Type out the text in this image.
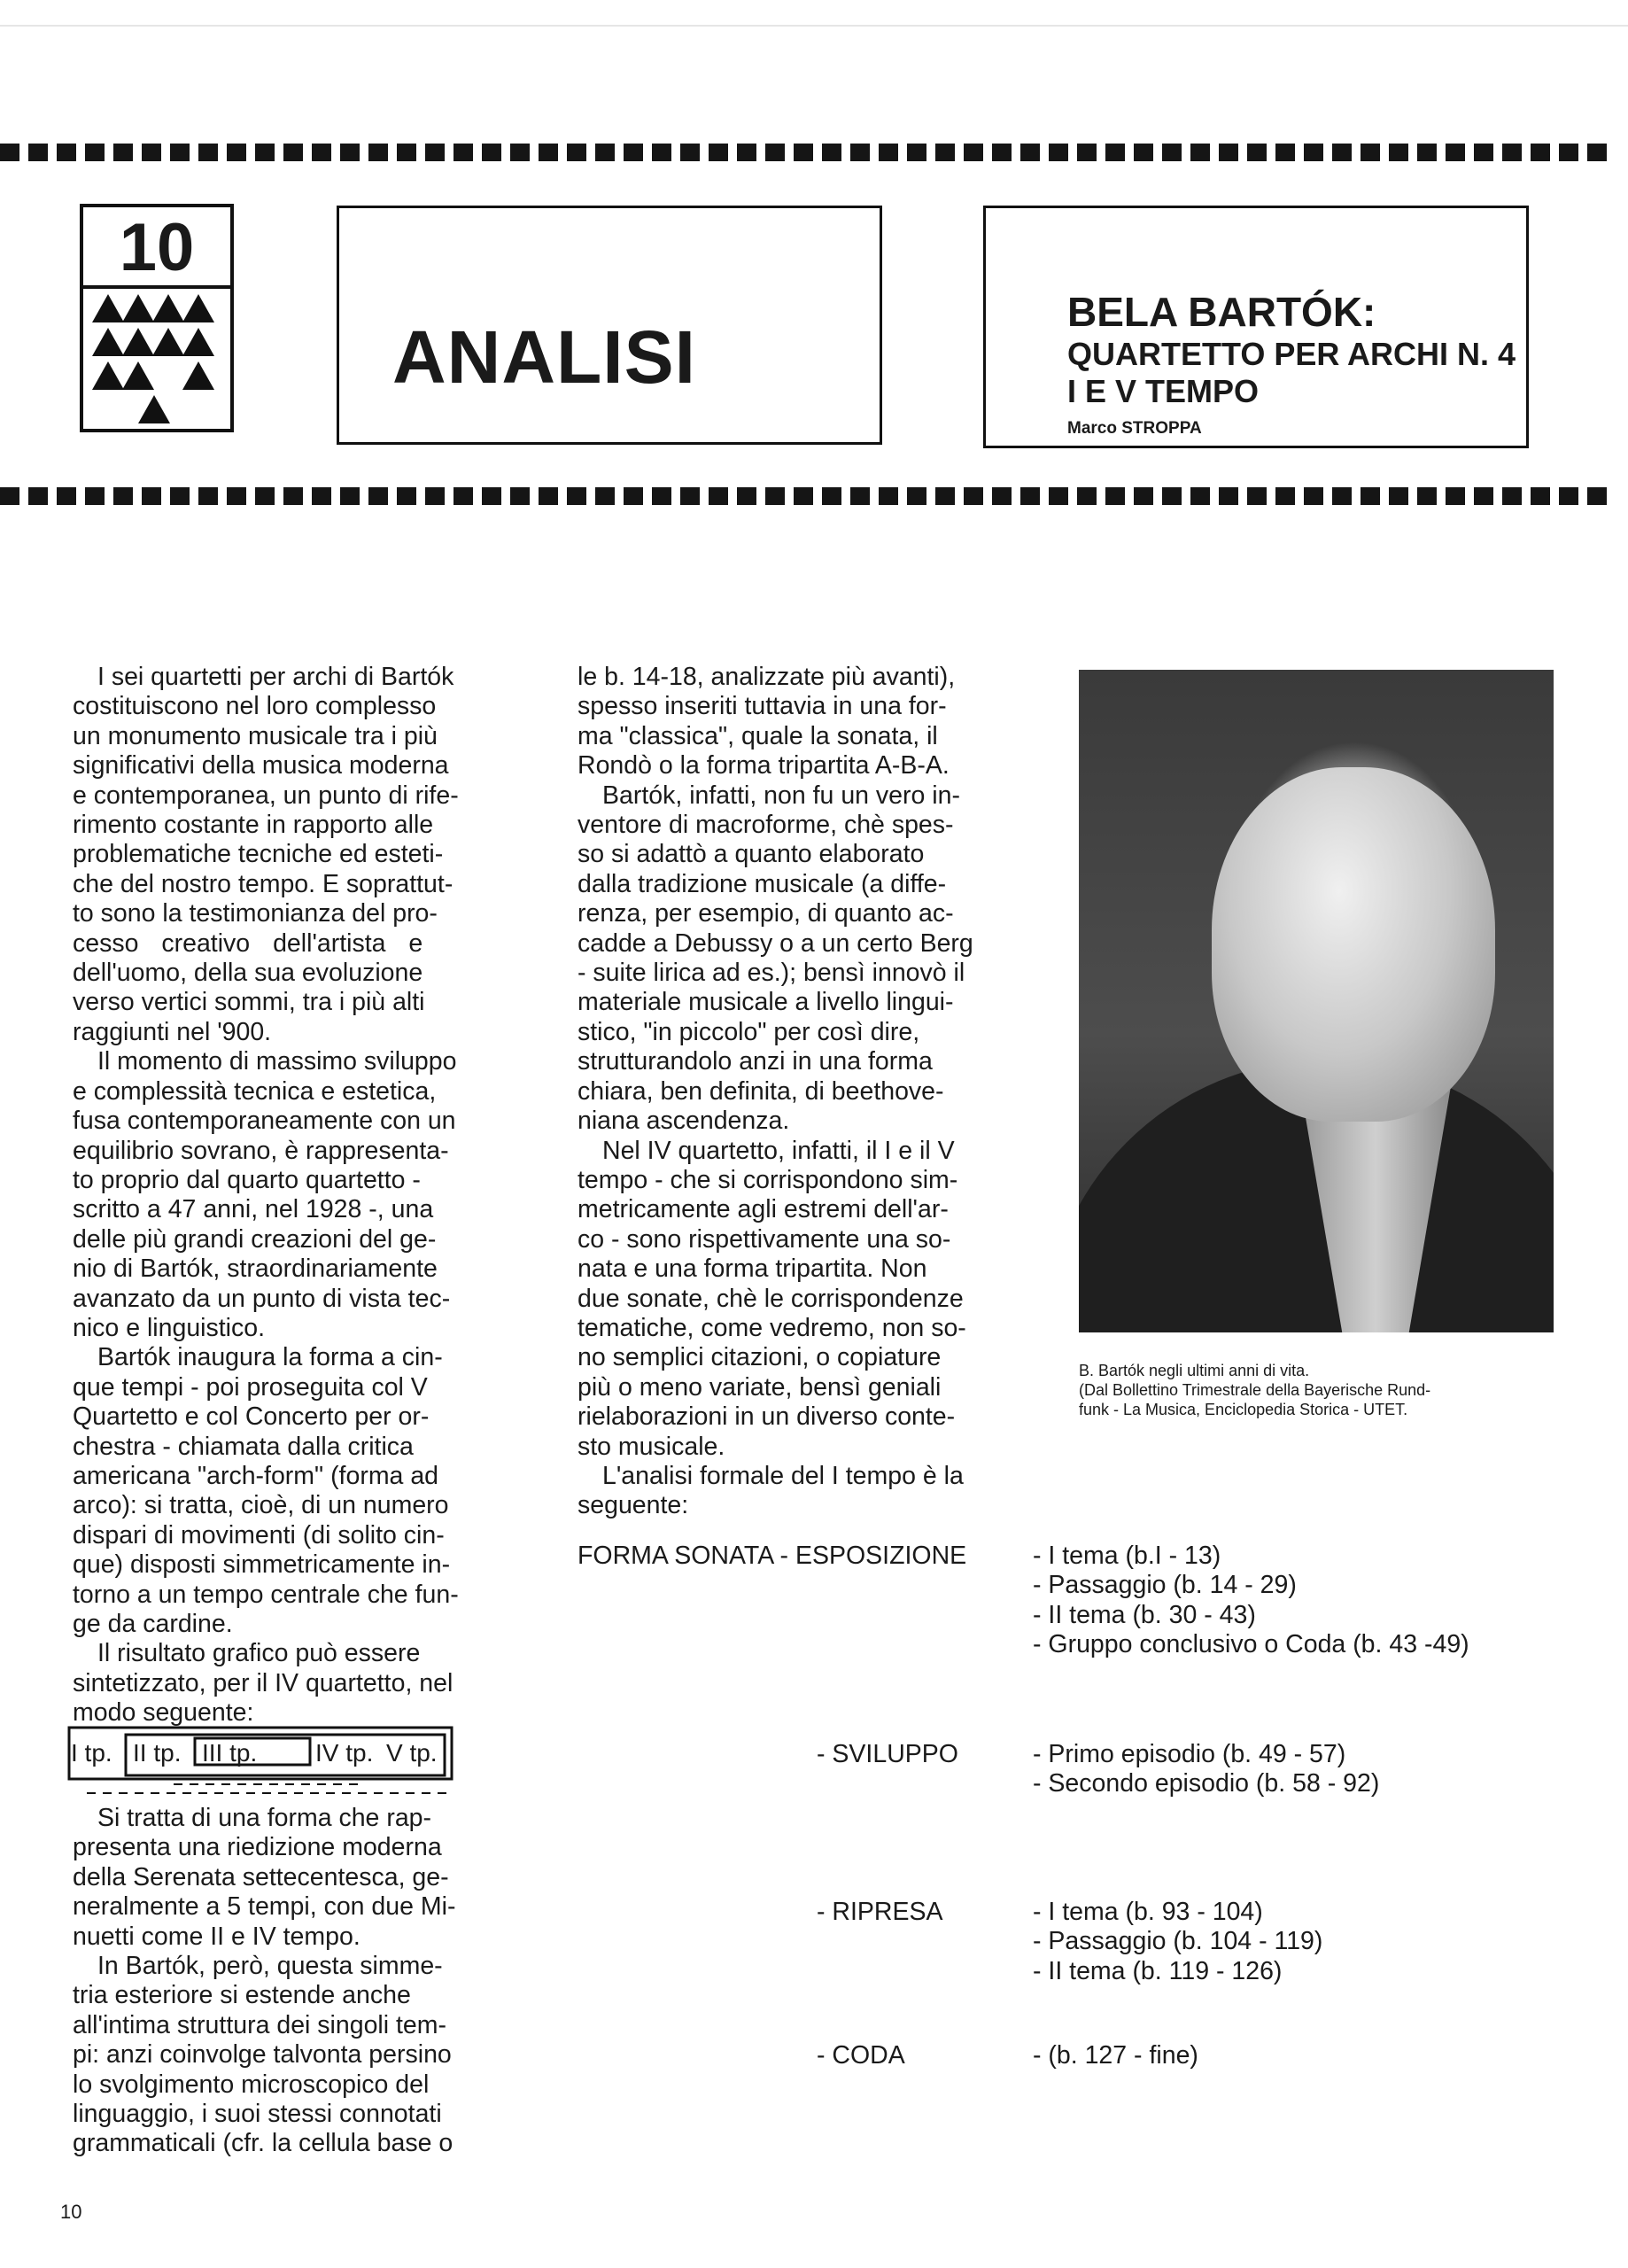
10
ANALISI
BELA BARTÓK:
QUARTETTO PER ARCHI N. 4
I E V TEMPO
Marco STROPPA

I sei quartetti per archi di Bartók

costituiscono nel loro complesso

un monumento musicale tra i più

significativi della musica moderna

e contemporanea, un punto di rife-

rimento costante in rapporto alle

problematiche tecniche ed esteti-

che del nostro tempo. E soprattut-

to sono la testimonianza del pro-

cesso creativo dell'artista e

dell'uomo, della sua evoluzione

verso vertici sommi, tra i più alti

raggiunti nel '900.

Il momento di massimo sviluppo

e complessità tecnica e estetica,

fusa contemporaneamente con un

equilibrio sovrano, è rappresenta-

to proprio dal quarto quartetto -

scritto a 47 anni, nel 1928 -, una

delle più grandi creazioni del ge-

nio di Bartók, straordinariamente

avanzato da un punto di vista tec-

nico e linguistico.

Bartók inaugura la forma a cin-

que tempi - poi proseguita col V

Quartetto e col Concerto per or-

chestra - chiamata dalla critica

americana "arch-form" (forma ad

arco): si tratta, cioè, di un numero

dispari di movimenti (di solito cin-

que) disposti simmetricamente in-

torno a un tempo centrale che fun-

ge da cardine.

Il risultato grafico può essere

sintetizzato, per il IV quartetto, nel

modo seguente:

I tp. II tp. III tp. IV tp. V tp.

Si tratta di una forma che rap-

presenta una riedizione moderna

della Serenata settecentesca, ge-

neralmente a 5 tempi, con due Mi-

nuetti come II e IV tempo.

In Bartók, però, questa simme-

tria esteriore si estende anche

all'intima struttura dei singoli tem-

pi: anzi coinvolge talvonta persino

lo svolgimento microscopico del

linguaggio, i suoi stessi connotati

grammaticali (cfr. la cellula base o

le b. 14-18, analizzate più avanti),

spesso inseriti tuttavia in una for-

ma "classica", quale la sonata, il

Rondò o la forma tripartita A-B-A.

Bartók, infatti, non fu un vero in-

ventore di macroforme, chè spes-

so si adattò a quanto elaborato

dalla tradizione musicale (a diffe-

renza, per esempio, di quanto ac-

cadde a Debussy o a un certo Berg

- suite lirica ad es.); bensì innovò il

materiale musicale a livello lingui-

stico, "in piccolo" per così dire,

strutturandolo anzi in una forma

chiara, ben definita, di beethove-

niana ascendenza.

Nel IV quartetto, infatti, il I e il V

tempo - che si corrispondono sim-

metricamente agli estremi dell'ar-

co - sono rispettivamente una so-

nata e una forma tripartita. Non

due sonate, chè le corrispondenze

tematiche, come vedremo, non so-

no semplici citazioni, o copiature

più o meno variate, bensì geniali

rielaborazioni in un diverso conte-

sto musicale.

L'analisi formale del I tempo è la

seguente:

B. Bartók negli ultimi anni di vita.
(Dal Bollettino Trimestrale della Bayerische Rund-
funk - La Musica, Enciclopedia Storica - UTET.
FORMA SONATA - ESPOSIZIONE	- I tema (b.I - 13)
- Passaggio (b. 14 - 29)
- II tema (b. 30 - 43)
- Gruppo conclusivo o Coda (b. 43 -49)
- SVILUPPO	- Primo episodio (b. 49 - 57)
- Secondo episodio (b. 58 - 92)
- RIPRESA	- I tema (b. 93 - 104)
- Passaggio (b. 104 - 119)
- II tema (b. 119 - 126)
- CODA	- (b. 127 - fine)
10
